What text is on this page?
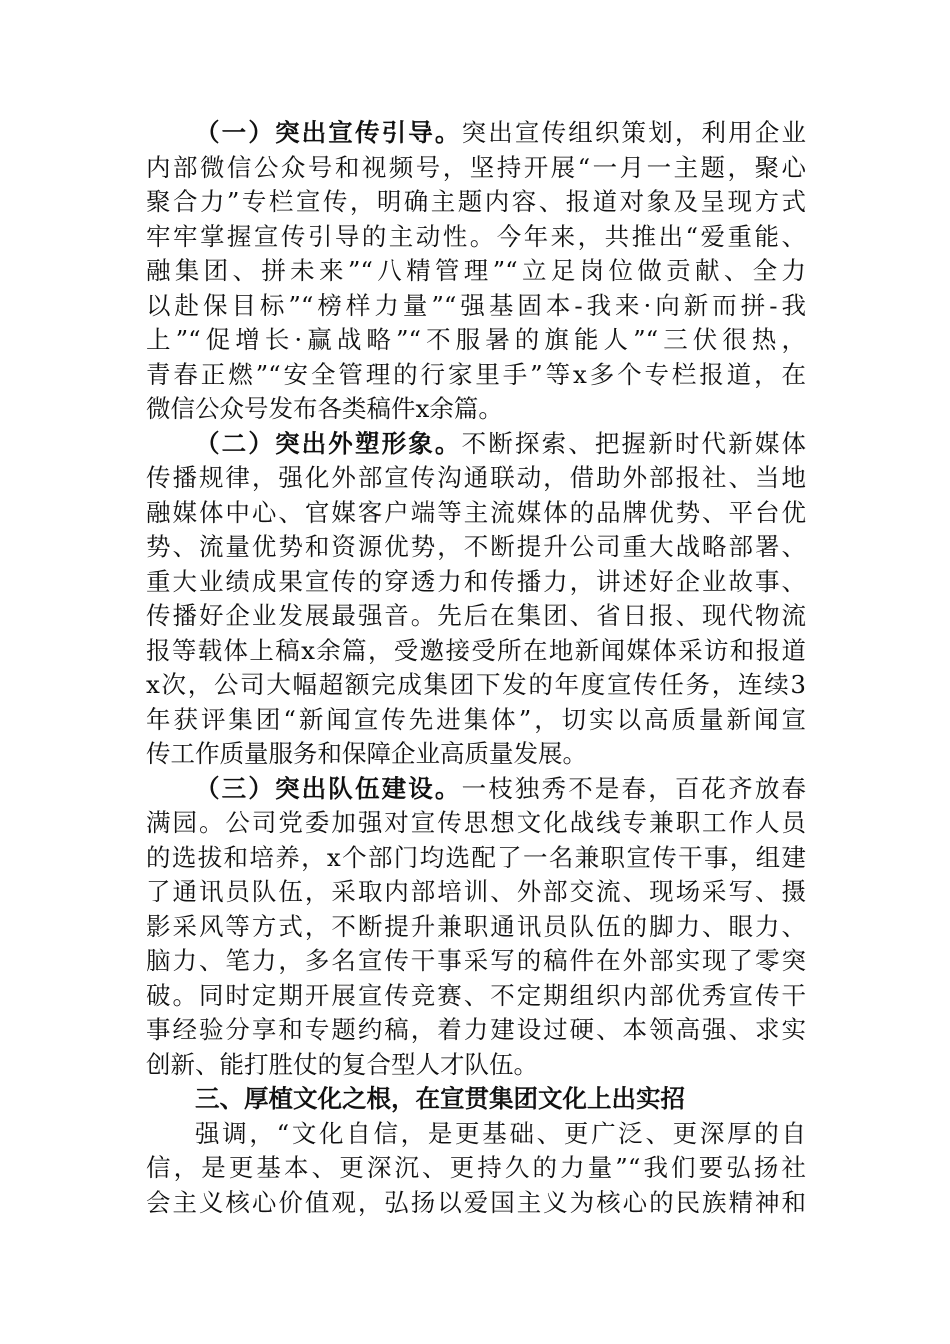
（一）突出宣传引导。突出宣传组织策划，利用企业
内部微信公众号和视频号，坚持开展“一月一主题，聚心
聚合力”专栏宣传，明确主题内容、报道对象及呈现方式
牢牢掌握宣传引导的主动性。今年来，共推出“爱重能、
融集团、拼未来”“八精管理”“立足岗位做贡献、全力
以赴保目标”“榜样力量”“强基固本-我来·向新而拼-我
上”“促增长·赢战略”“不服暑的旗能人”“三伏很热，
青春正燃”“安全管理的行家里手”等x多个专栏报道，在
微信公众号发布各类稿件x余篇。
（二）突出外塑形象。不断探索、把握新时代新媒体
传播规律，强化外部宣传沟通联动，借助外部报社、当地
融媒体中心、官媒客户端等主流媒体的品牌优势、平台优
势、流量优势和资源优势，不断提升公司重大战略部署、
重大业绩成果宣传的穿透力和传播力，讲述好企业故事、
传播好企业发展最强音。先后在集团、省日报、现代物流
报等载体上稿x余篇，受邀接受所在地新闻媒体采访和报道
x次，公司大幅超额完成集团下发的年度宣传任务，连续3
年获评集团“新闻宣传先进集体”，切实以高质量新闻宣
传工作质量服务和保障企业高质量发展。
（三）突出队伍建设。一枝独秀不是春，百花齐放春
满园。公司党委加强对宣传思想文化战线专兼职工作人员
的选拔和培养，x个部门均选配了一名兼职宣传干事，组建
了通讯员队伍，采取内部培训、外部交流、现场采写、摄
影采风等方式，不断提升兼职通讯员队伍的脚力、眼力、
脑力、笔力，多名宣传干事采写的稿件在外部实现了零突
破。同时定期开展宣传竞赛、不定期组织内部优秀宣传干
事经验分享和专题约稿，着力建设过硬、本领高强、求实
创新、能打胜仗的复合型人才队伍。
三、厚植文化之根，在宣贯集团文化上出实招
强调，“文化自信，是更基础、更广泛、更深厚的自
信，是更基本、更深沉、更持久的力量”“我们要弘扬社
会主义核心价值观，弘扬以爱国主义为核心的民族精神和
